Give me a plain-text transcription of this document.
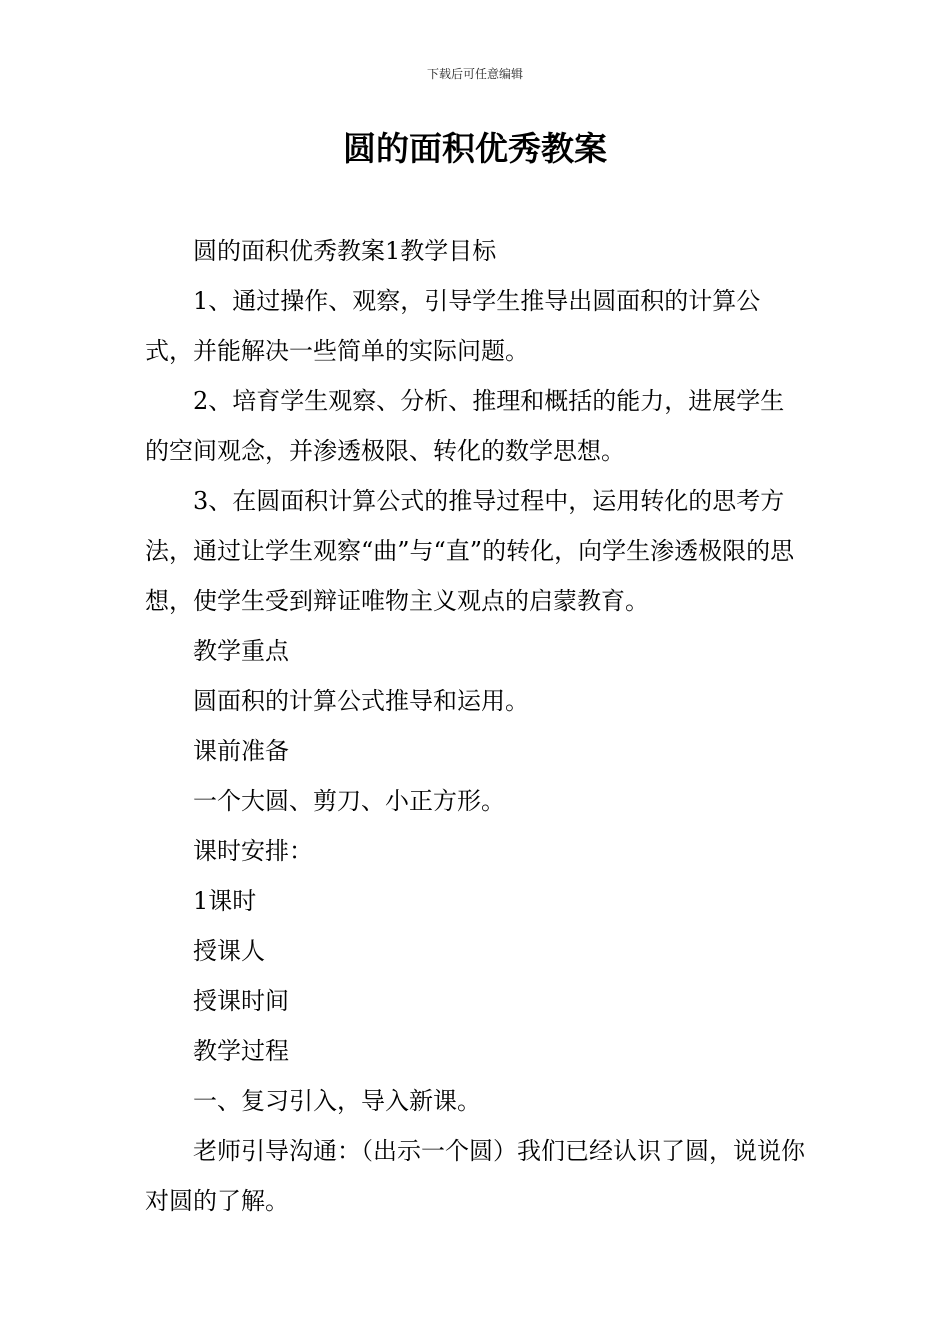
下载后可任意编辑
圆的面积优秀教案

圆的面积优秀教案1教学目标

1、通过操作、观察，引导学生推导出圆面积的计算公式，并能解决一些简单的实际问题。

2、培育学生观察、分析、推理和概括的能力，进展学生的空间观念，并渗透极限、转化的数学思想。

3、在圆面积计算公式的推导过程中，运用转化的思考方法，通过让学生观察“曲”与“直”的转化，向学生渗透极限的思想，使学生受到辩证唯物主义观点的启蒙教育。

教学重点

圆面积的计算公式推导和运用。

课前准备

一个大圆、剪刀、小正方形。

课时安排：

1课时

授课人

授课时间

教学过程

一、复习引入，导入新课。

老师引导沟通：（出示一个圆）我们已经认识了圆，说说你对圆的了解。
